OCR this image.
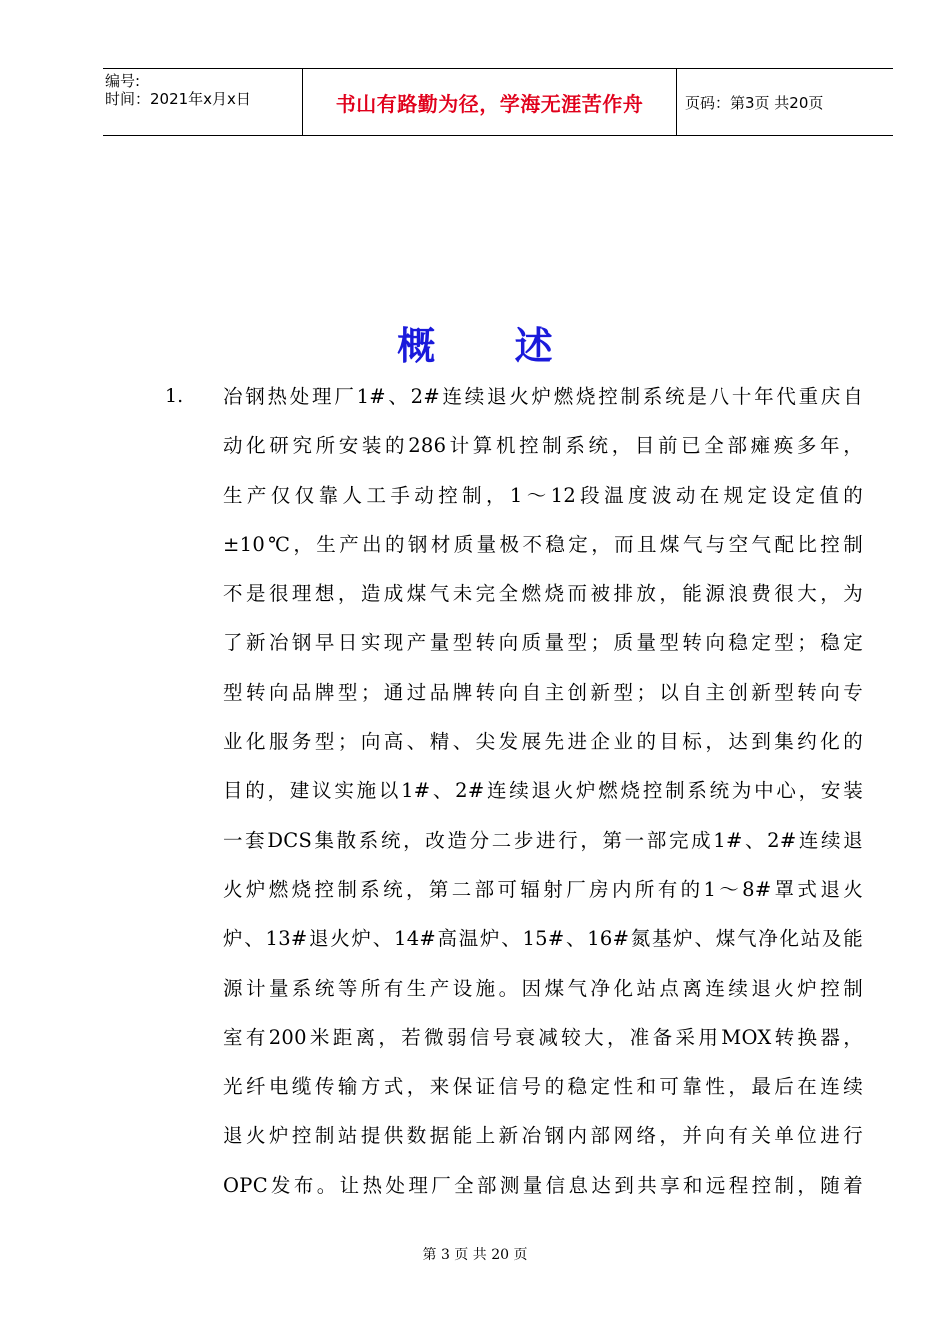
编号:
时间：2021年x月x日	书山有路勤为径，学海无涯苦作舟	页码：第3页 共20页
概      述
1. 冶钢热处理厂1#、2#连续退火炉燃烧控制系统是八十年代重庆自
动化研究所安装的286计算机控制系统，目前已全部瘫痪多年，
生产仅仅靠人工手动控制，1～12段温度波动在规定设定值的
±10℃，生产出的钢材质量极不稳定，而且煤气与空气配比控制
不是很理想，造成煤气未完全燃烧而被排放，能源浪费很大，为
了新冶钢早日实现产量型转向质量型；质量型转向稳定型；稳定
型转向品牌型；通过品牌转向自主创新型；以自主创新型转向专
业化服务型；向高、精、尖发展先进企业的目标，达到集约化的
目的，建议实施以1#、2#连续退火炉燃烧控制系统为中心，安装
一套DCS集散系统，改造分二步进行，第一部完成1#、2#连续退
火炉燃烧控制系统，第二部可辐射厂房内所有的1～8#罩式退火
炉、13#退火炉、14#高温炉、15#、16#氮基炉、煤气净化站及能
源计量系统等所有生产设施。因煤气净化站点离连续退火炉控制
室有200米距离，若微弱信号衰减较大，准备采用MOX转换器，
光纤电缆传输方式，来保证信号的稳定性和可靠性，最后在连续
退火炉控制站提供数据能上新冶钢内部网络，并向有关单位进行
OPC发布。让热处理厂全部测量信息达到共享和远程控制，随着
第 3 页 共 20 页
